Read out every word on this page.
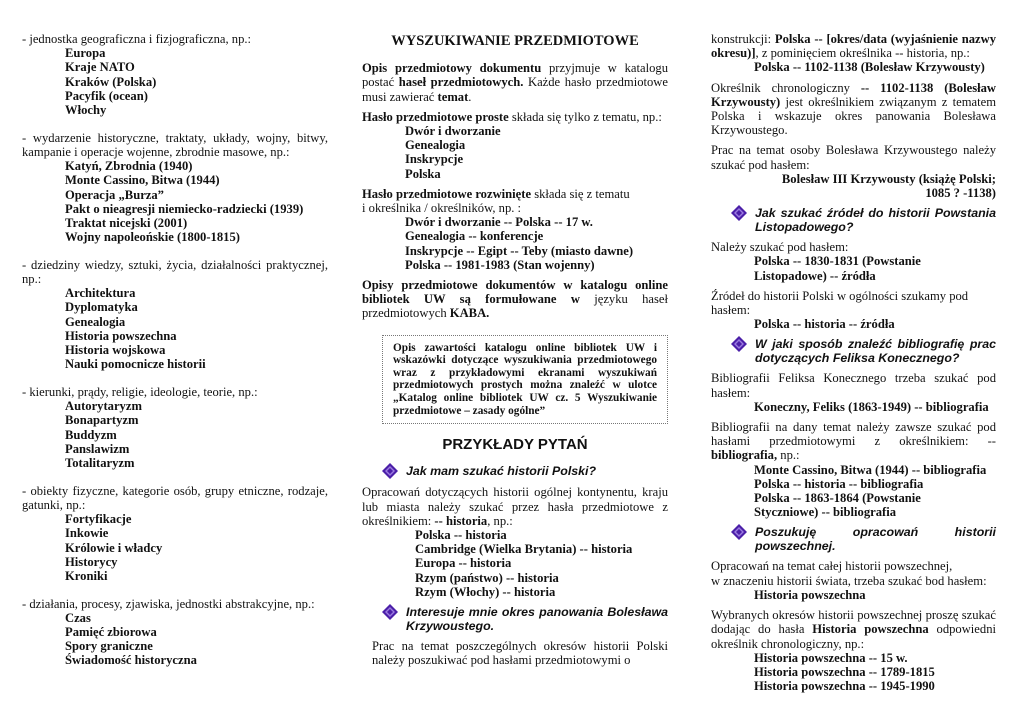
- jednostka geograficzna i fizjograficzna, np.:
Europa
Kraje NATO
Kraków (Polska)
Pacyfik (ocean)
Włochy
- wydarzenie historyczne, traktaty, układy, wojny, bitwy, kampanie i operacje wojenne, zbrodnie masowe, np.:
Katyń, Zbrodnia (1940)
Monte Cassino, Bitwa (1944)
Operacja „Burza”
Pakt o nieagresji niemiecko-radziecki (1939)
Traktat nicejski (2001)
Wojny napoleońskie (1800-1815)
- dziedziny wiedzy, sztuki, życia, działalności praktycznej, np.:
Architektura
Dyplomatyka
Genealogia
Historia powszechna
Historia wojskowa
Nauki pomocnicze historii
- kierunki, prądy, religie, ideologie, teorie, np.:
Autorytaryzm
Bonapartyzm
Buddyzm
Panslawizm
Totalitaryzm
- obiekty fizyczne, kategorie osób, grupy etniczne, rodzaje, gatunki, np.:
Fortyfikacje
Inkowie
Królowie i władcy
Historycy
Kroniki
- działania, procesy, zjawiska, jednostki abstrakcyjne, np.:
Czas
Pamięć zbiorowa
Spory graniczne
Świadomość historyczna
WYSZUKIWANIE PRZEDMIOTOWE
Opis przedmiotowy dokumentu przyjmuje w katalogu postać haseł przedmiotowych. Każde hasło przedmiotowe musi zawierać temat.
Hasło przedmiotowe proste składa się tylko z tematu, np.:
Dwór i dworzanie
Genealogia
Inskrypcje
Polska
Hasło przedmiotowe rozwinięte składa się z tematu
i określnika / określników, np. :
Dwór i dworzanie -- Polska -- 17 w.
Genealogia -- konferencje
Inskrypcje -- Egipt -- Teby (miasto dawne)
Polska -- 1981-1983 (Stan wojenny)
Opisy przedmiotowe dokumentów w katalogu online bibliotek UW są formułowane w języku haseł przedmiotowych KABA.
Opis zawartości katalogu online bibliotek UW i wskazówki dotyczące wyszukiwania przedmiotowego wraz z przykładowymi ekranami wyszukiwań przedmiotowych prostych można znaleźć w ulotce „Katalog online bibliotek UW cz. 5 Wyszukiwanie przedmiotowe – zasady ogólne”
PRZYKŁADY PYTAŃ
Jak mam szukać historii Polski?
Opracowań dotyczących historii ogólnej kontynentu, kraju lub miasta należy szukać przez hasła przedmiotowe z określnikiem: -- historia, np.:
Polska -- historia
Cambridge (Wielka Brytania) -- historia
Europa -- historia
Rzym (państwo) -- historia
Rzym (Włochy) -- historia
Interesuje mnie okres panowania Bolesława Krzywoustego.
Prac na temat poszczególnych okresów historii Polski należy poszukiwać pod hasłami przedmiotowymi o
konstrukcji: Polska -- [okres/data (wyjaśnienie nazwy okresu)], z pominięciem określnika -- historia, np.:
Polska -- 1102-1138 (Bolesław Krzywousty)
Określnik chronologiczny -- 1102-1138 (Bolesław Krzywousty) jest określnikiem związanym z tematem Polska i wskazuje okres panowania Bolesława Krzywoustego.
Prac na temat osoby Bolesława Krzywoustego należy szukać pod hasłem:
Bolesław III Krzywousty (książę Polski;
1085 ? -1138)
Jak szukać źródeł do historii Powstania Listopadowego?
Należy szukać pod hasłem:
Polska -- 1830-1831 (Powstanie
Listopadowe) -- źródła
Źródeł do historii Polski w ogólności szukamy pod
hasłem:
Polska -- historia -- źródła
W jaki sposób znaleźć bibliografię prac dotyczących Feliksa Konecznego?
Bibliografii Feliksa Konecznego trzeba szukać pod hasłem:
Koneczny, Feliks (1863-1949) -- bibliografia
Bibliografii na dany temat należy zawsze szukać pod hasłami przedmiotowymi z określnikiem: -- bibliografia, np.:
Monte Cassino, Bitwa (1944) -- bibliografia
Polska -- historia -- bibliografia
Polska -- 1863-1864 (Powstanie
Styczniowe) -- bibliografia
Poszukuję opracowań historii powszechnej.
Opracowań na temat całej historii powszechnej,
w znaczeniu historii świata, trzeba szukać bod hasłem:
Historia powszechna
Wybranych okresów historii powszechnej proszę szukać dodając do hasła Historia powszechna odpowiedni określnik chronologiczny, np.:
Historia powszechna -- 15 w.
Historia powszechna -- 1789-1815
Historia powszechna -- 1945-1990
